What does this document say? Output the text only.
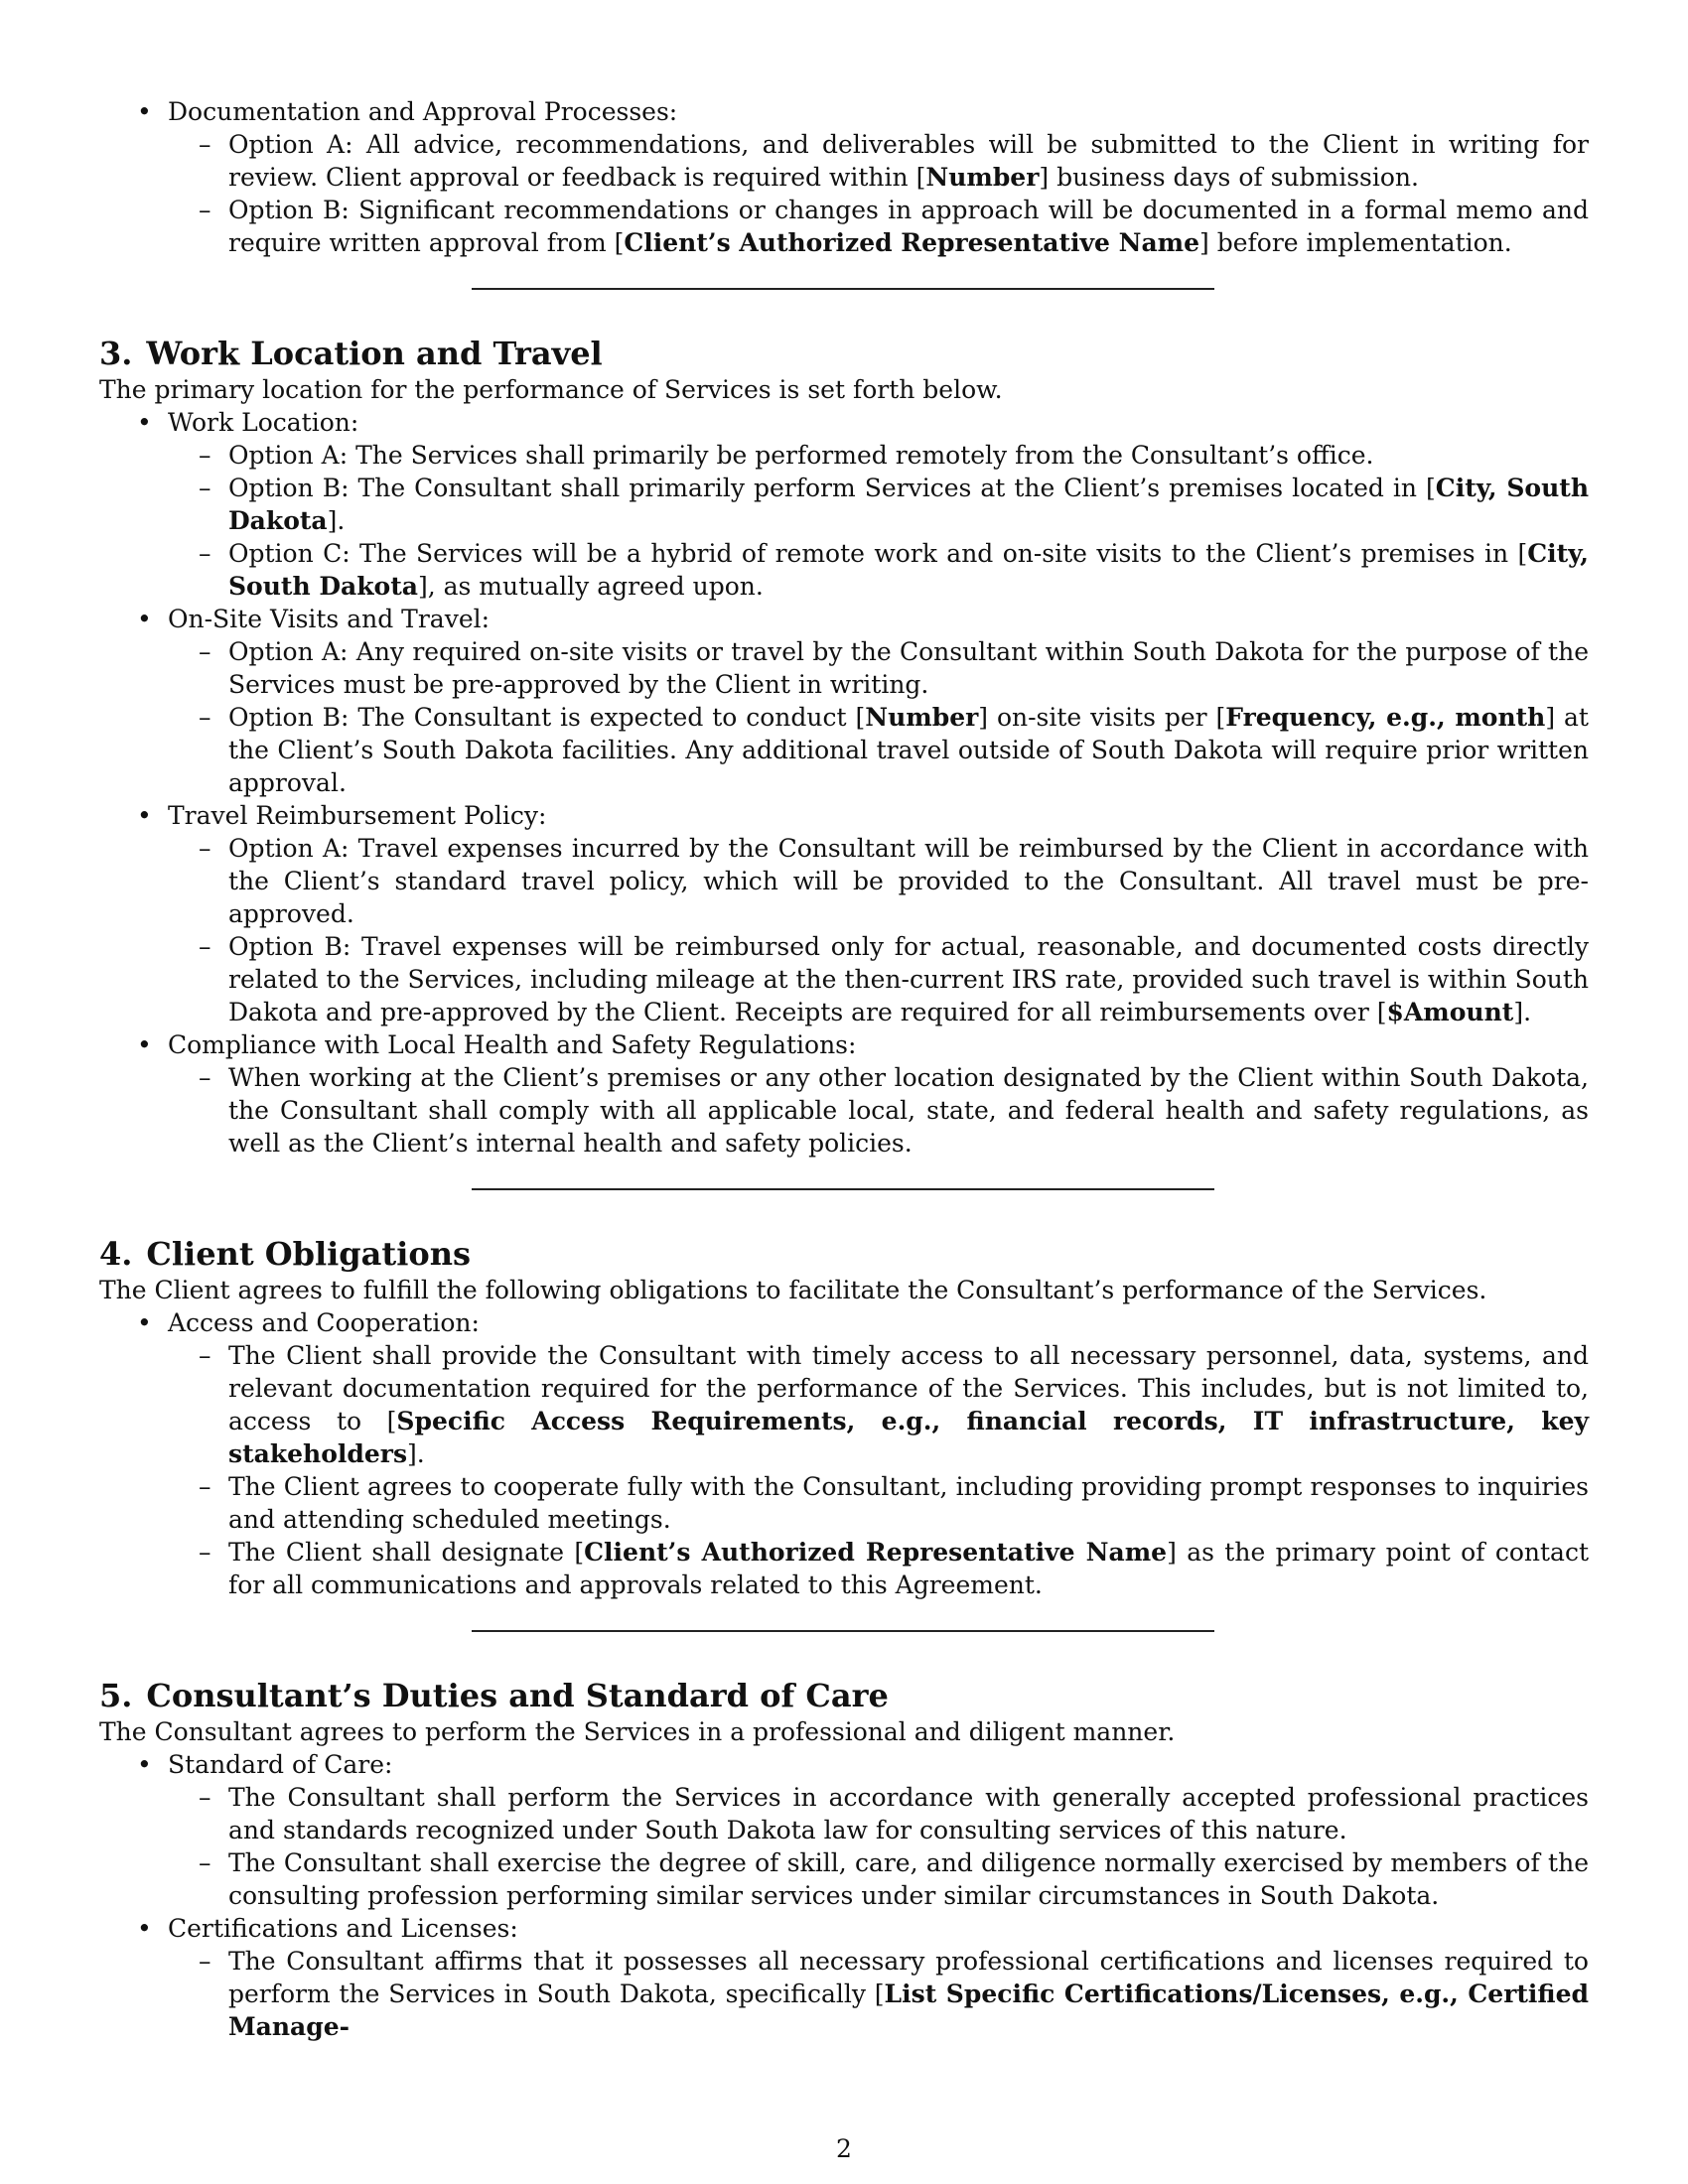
• Documentation and Approval Processes:
– Option A: All advice, recommendations, and deliverables will be submitted to the Client in writing for review. Client approval or feedback is required within [Number] business days of submission.
– Option B: Significant recommendations or changes in approach will be documented in a formal memo and require written approval from [Client’s Authorized Representative Name] before implementation.
3. Work Location and Travel

The primary location for the performance of Services is set forth below.

• Work Location:
– Option A: The Services shall primarily be performed remotely from the Consultant’s office.
– Option B: The Consultant shall primarily perform Services at the Client’s premises located in [City, South Dakota].
– Option C: The Services will be a hybrid of remote work and on-site visits to the Client’s premises in [City, South Dakota], as mutually agreed upon.
• On-Site Visits and Travel:
– Option A: Any required on-site visits or travel by the Consultant within South Dakota for the purpose of the Services must be pre-approved by the Client in writing.
– Option B: The Consultant is expected to conduct [Number] on-site visits per [Frequency, e.g., month] at the Client’s South Dakota facilities. Any additional travel outside of South Dakota will require prior written approval.
• Travel Reimbursement Policy:
– Option A: Travel expenses incurred by the Consultant will be reimbursed by the Client in accordance with the Client’s standard travel policy, which will be provided to the Consultant. All travel must be pre-approved.
– Option B: Travel expenses will be reimbursed only for actual, reasonable, and documented costs directly related to the Services, including mileage at the then-current IRS rate, provided such travel is within South Dakota and pre-approved by the Client. Receipts are required for all reimbursements over [$Amount].
• Compliance with Local Health and Safety Regulations:
– When working at the Client’s premises or any other location designated by the Client within South Dakota, the Consultant shall comply with all applicable local, state, and federal health and safety regulations, as well as the Client’s internal health and safety policies.
4. Client Obligations

The Client agrees to fulfill the following obligations to facilitate the Consultant’s performance of the Services.

• Access and Cooperation:
– The Client shall provide the Consultant with timely access to all necessary personnel, data, systems, and relevant documentation required for the performance of the Services. This includes, but is not limited to, access to [Specific Access Requirements, e.g., financial records, IT infrastructure, key stakeholders].
– The Client agrees to cooperate fully with the Consultant, including providing prompt responses to inquiries and attending scheduled meetings.
– The Client shall designate [Client’s Authorized Representative Name] as the primary point of contact for all communications and approvals related to this Agreement.
5. Consultant’s Duties and Standard of Care

The Consultant agrees to perform the Services in a professional and diligent manner.

• Standard of Care:
– The Consultant shall perform the Services in accordance with generally accepted professional practices and standards recognized under South Dakota law for consulting services of this nature.
– The Consultant shall exercise the degree of skill, care, and diligence normally exercised by members of the consulting profession performing similar services under similar circumstances in South Dakota.
• Certifications and Licenses:
– The Consultant affirms that it possesses all necessary professional certifications and licenses required to perform the Services in South Dakota, specifically [List Specific Certifications/Licenses, e.g., Certified Manage-
2
